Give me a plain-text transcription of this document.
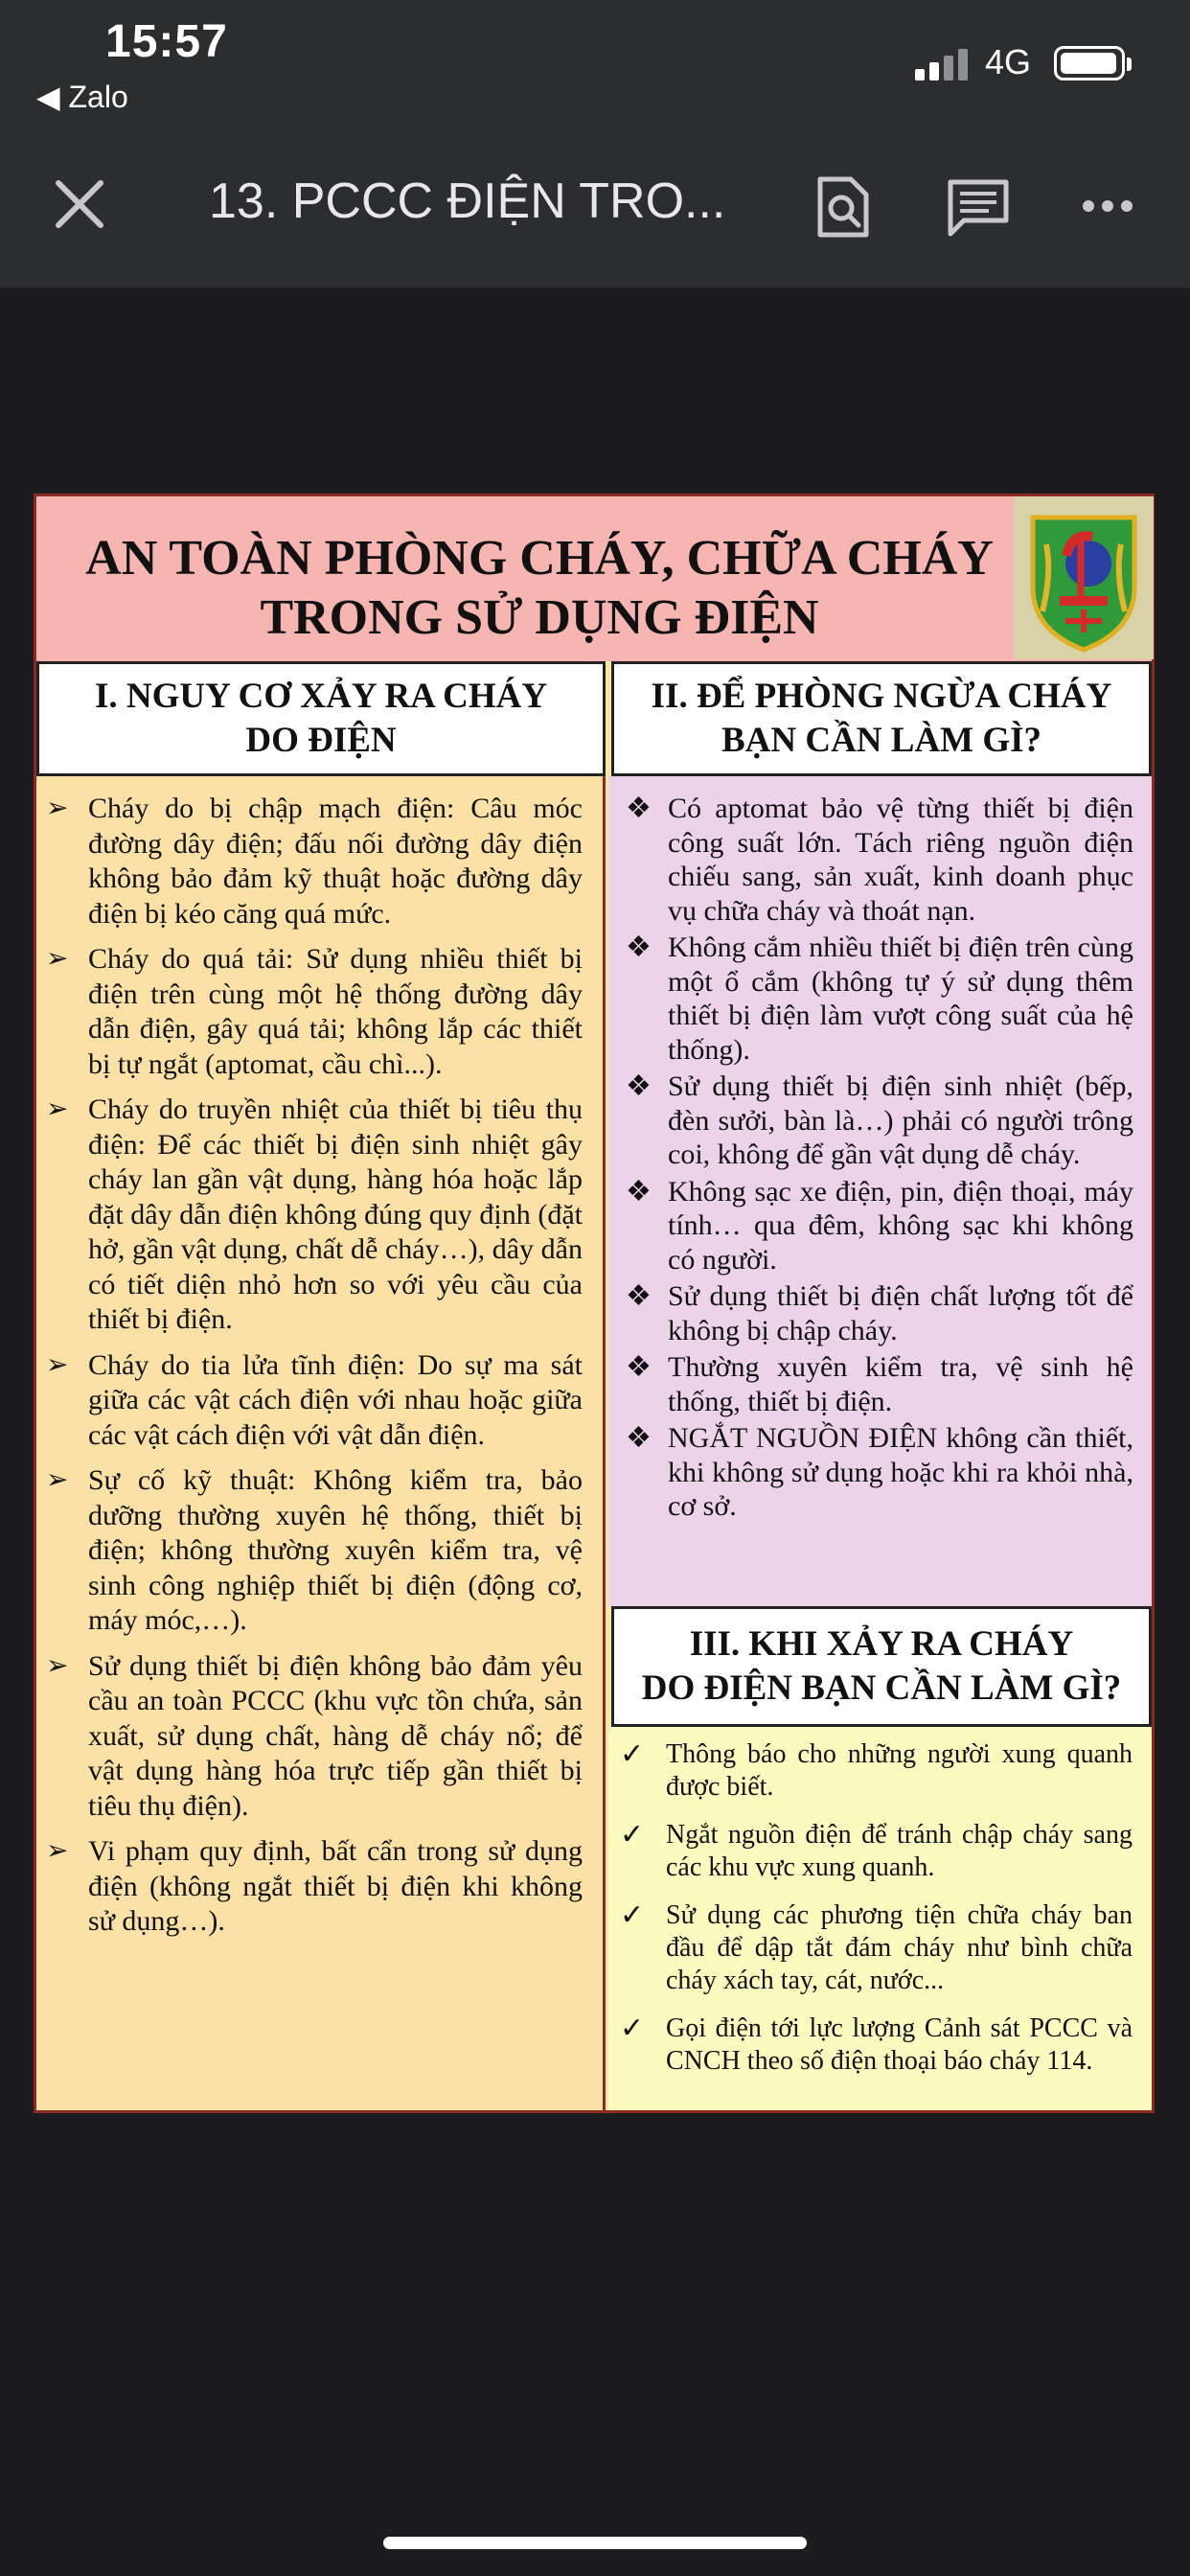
15:57
◀ Zalo
4G
13. PCCC ĐIỆN TRO...
AN TOÀN PHÒNG CHÁY, CHỮA CHÁY
TRONG SỬ DỤNG ĐIỆN
I. NGUY CƠ XẢY RA CHÁY
DO ĐIỆN
II. ĐỂ PHÒNG NGỪA CHÁY
BẠN CẦN LÀM GÌ?
➢ Cháy do bị chập mạch điện: Câu móc đường dây điện; đấu nối đường dây điện không bảo đảm kỹ thuật hoặc đường dây điện bị kéo căng quá mức.
➢ Cháy do quá tải: Sử dụng nhiều thiết bị điện trên cùng một hệ thống đường dây dẫn điện, gây quá tải; không lắp các thiết bị tự ngắt (aptomat, cầu chì...).
➢ Cháy do truyền nhiệt của thiết bị tiêu thụ điện: Để các thiết bị điện sinh nhiệt gây cháy lan gần vật dụng, hàng hóa hoặc lắp đặt dây dẫn điện không đúng quy định (đặt hở, gần vật dụng, chất dễ cháy…), dây dẫn có tiết diện nhỏ hơn so với yêu cầu của thiết bị điện.
➢ Cháy do tia lửa tĩnh điện: Do sự ma sát giữa các vật cách điện với nhau hoặc giữa các vật cách điện với vật dẫn điện.
➢ Sự cố kỹ thuật: Không kiểm tra, bảo dưỡng thường xuyên hệ thống, thiết bị điện; không thường xuyên kiểm tra, vệ sinh công nghiệp thiết bị điện (động cơ, máy móc,…).
➢ Sử dụng thiết bị điện không bảo đảm yêu cầu an toàn PCCC (khu vực tồn chứa, sản xuất, sử dụng chất, hàng dễ cháy nổ; để vật dụng hàng hóa trực tiếp gần thiết bị tiêu thụ điện).
➢ Vi phạm quy định, bất cẩn trong sử dụng điện (không ngắt thiết bị điện khi không sử dụng…).
❖ Có aptomat bảo vệ từng thiết bị điện công suất lớn. Tách riêng nguồn điện chiếu sang, sản xuất, kinh doanh phục vụ chữa cháy và thoát nạn.
❖ Không cắm nhiều thiết bị điện trên cùng một ổ cắm (không tự ý sử dụng thêm thiết bị điện làm vượt công suất của hệ thống).
❖ Sử dụng thiết bị điện sinh nhiệt (bếp, đèn sưởi, bàn là…) phải có người trông coi, không để gần vật dụng dễ cháy.
❖ Không sạc xe điện, pin, điện thoại, máy tính… qua đêm, không sạc khi không có người.
❖ Sử dụng thiết bị điện chất lượng tốt để không bị chập cháy.
❖ Thường xuyên kiểm tra, vệ sinh hệ thống, thiết bị điện.
❖ NGẮT NGUỒN ĐIỆN không cần thiết, khi không sử dụng hoặc khi ra khỏi nhà, cơ sở.
III. KHI XẢY RA CHÁY
DO ĐIỆN BẠN CẦN LÀM GÌ?
✓ Thông báo cho những người xung quanh được biết.
✓ Ngắt nguồn điện để tránh chập cháy sang các khu vực xung quanh.
✓ Sử dụng các phương tiện chữa cháy ban đầu để dập tắt đám cháy như bình chữa cháy xách tay, cát, nước...
✓ Gọi điện tới lực lượng Cảnh sát PCCC và CNCH theo số điện thoại báo cháy 114.
